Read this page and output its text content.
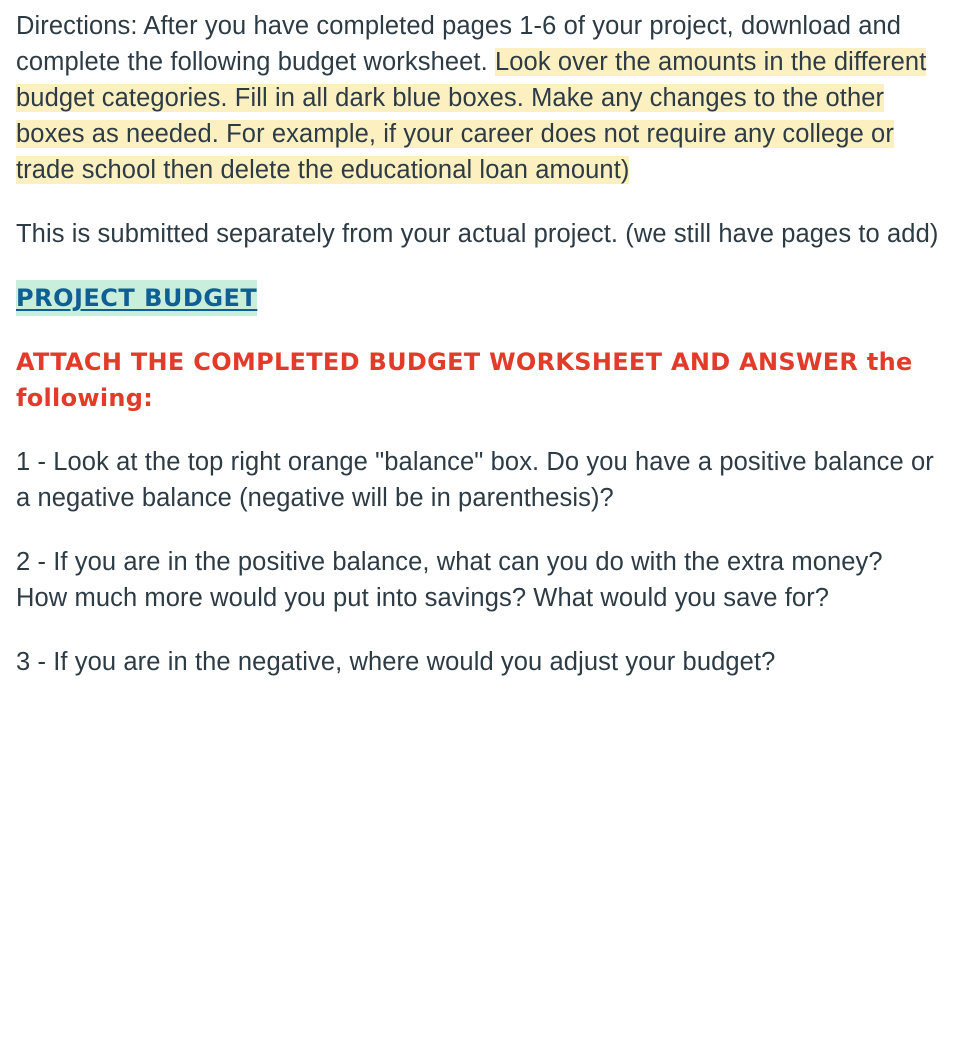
Directions: After you have completed pages 1-6 of your project, download and complete the following budget worksheet. Look over the amounts in the different budget categories. Fill in all dark blue boxes. Make any changes to the other boxes as needed. For example, if your career does not require any college or trade school then delete the educational loan amount)

This is submitted separately from your actual project. (we still have pages to add)

PROJECT BUDGET

ATTACH THE COMPLETED BUDGET WORKSHEET AND ANSWER the following:

1 - Look at the top right orange "balance" box. Do you have a positive balance or a negative balance (negative will be in parenthesis)?

2 - If you are in the positive balance, what can you do with the extra money? How much more would you put into savings? What would you save for?

3 - If you are in the negative, where would you adjust your budget?
